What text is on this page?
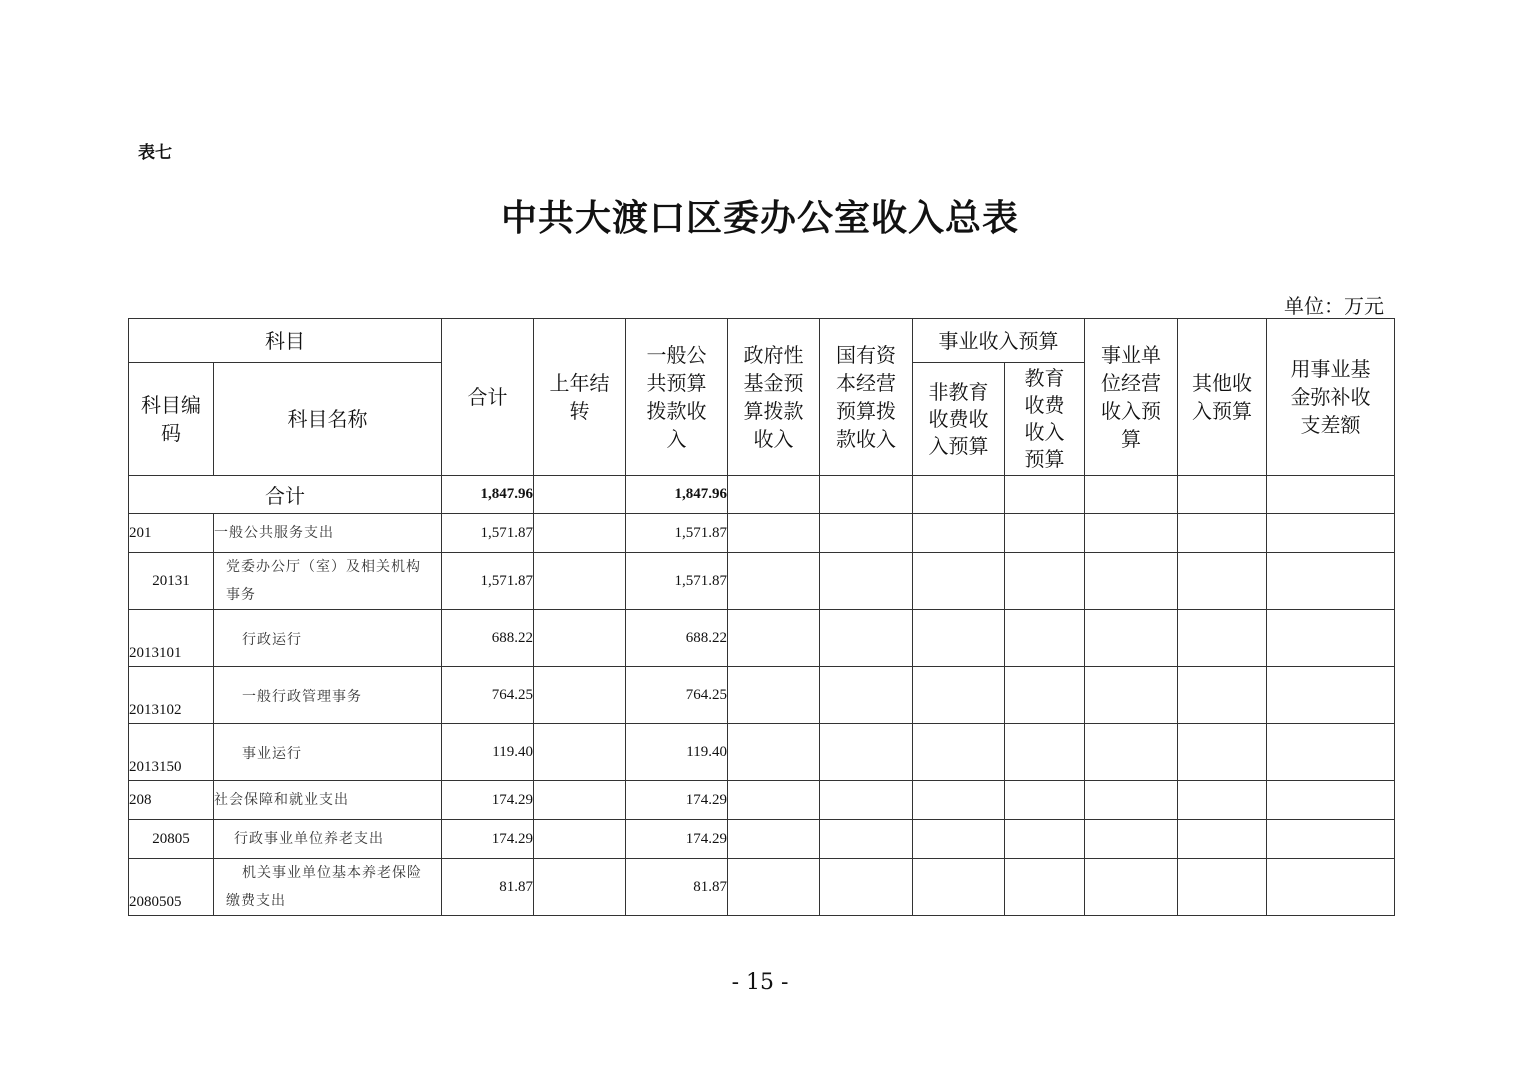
表七
中共大渡口区委办公室收入总表
单位：万元
科目		合计	上年结转	一般公共预算拨款收入	政府性基金预算拨款收入	国有资本经营预算拨款收入	事业收入预算		事业单位经营收入预算	其他收入预算	用事业基金弥补收支差额

科目编码	科目名称						非教育收费收入预算	教育收费收入预算			

合计		1,847.96		1,847.96							
201	一般公共服务支出	1,571.87		1,571.87							
20131	党委办公厅（室）及相关机构事务	1,571.87		1,571.87							
2013101	行政运行	688.22		688.22							
2013102	一般行政管理事务	764.25		764.25							
2013150	事业运行	119.40		119.40							
208	社会保障和就业支出	174.29		174.29							
20805	行政事业单位养老支出	174.29		174.29							
2080505	机关事业单位基本养老保险缴费支出	81.87		81.87							
- 15 -
